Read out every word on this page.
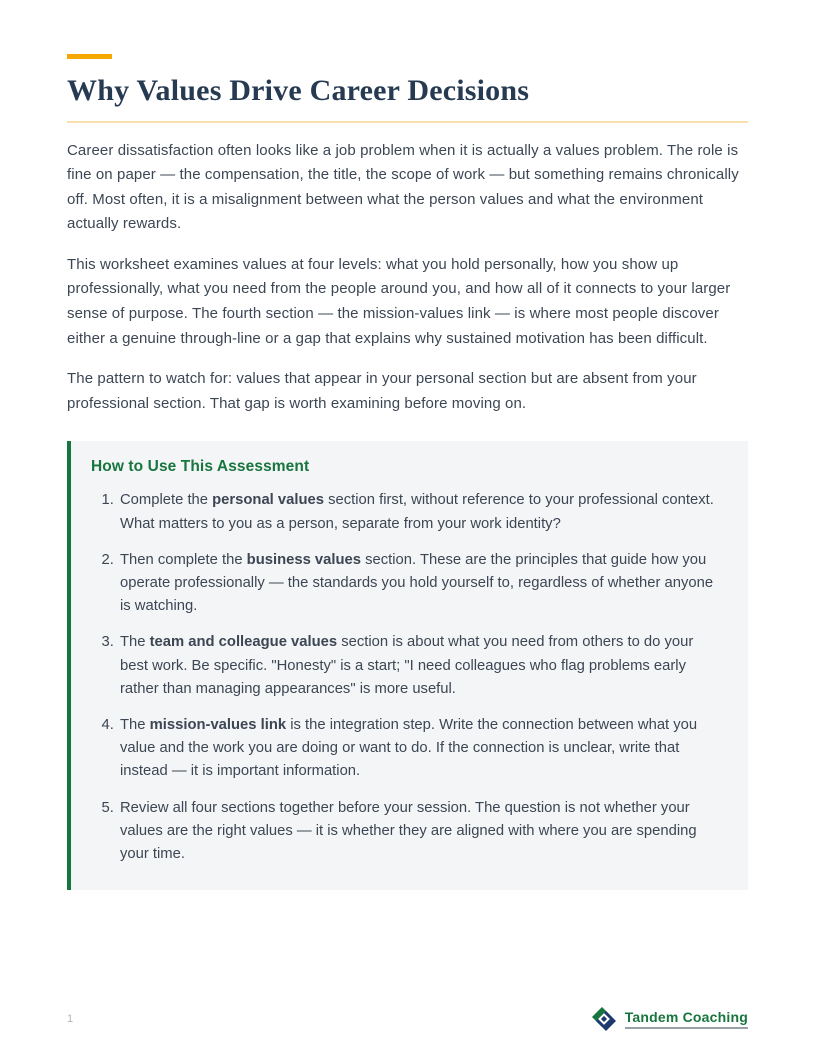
Why Values Drive Career Decisions

Career dissatisfaction often looks like a job problem when it is actually a values problem. The role is fine on paper — the compensation, the title, the scope of work — but something remains chronically off. Most often, it is a misalignment between what the person values and what the environment actually rewards.

This worksheet examines values at four levels: what you hold personally, how you show up professionally, what you need from the people around you, and how all of it connects to your larger sense of purpose. The fourth section — the mission-values link — is where most people discover either a genuine through-line or a gap that explains why sustained motivation has been difficult.

The pattern to watch for: values that appear in your personal section but are absent from your professional section. That gap is worth examining before moving on.

How to Use This Assessment
1. Complete the personal values section first, without reference to your professional context. What matters to you as a person, separate from your work identity?
2. Then complete the business values section. These are the principles that guide how you operate professionally — the standards you hold yourself to, regardless of whether anyone is watching.
3. The team and colleague values section is about what you need from others to do your best work. Be specific. "Honesty" is a start; "I need colleagues who flag problems early rather than managing appearances" is more useful.
4. The mission-values link is the integration step. Write the connection between what you value and the work you are doing or want to do. If the connection is unclear, write that instead — it is important information.
5. Review all four sections together before your session. The question is not whether your values are the right values — it is whether they are aligned with where you are spending your time.
1	Tandem Coaching
